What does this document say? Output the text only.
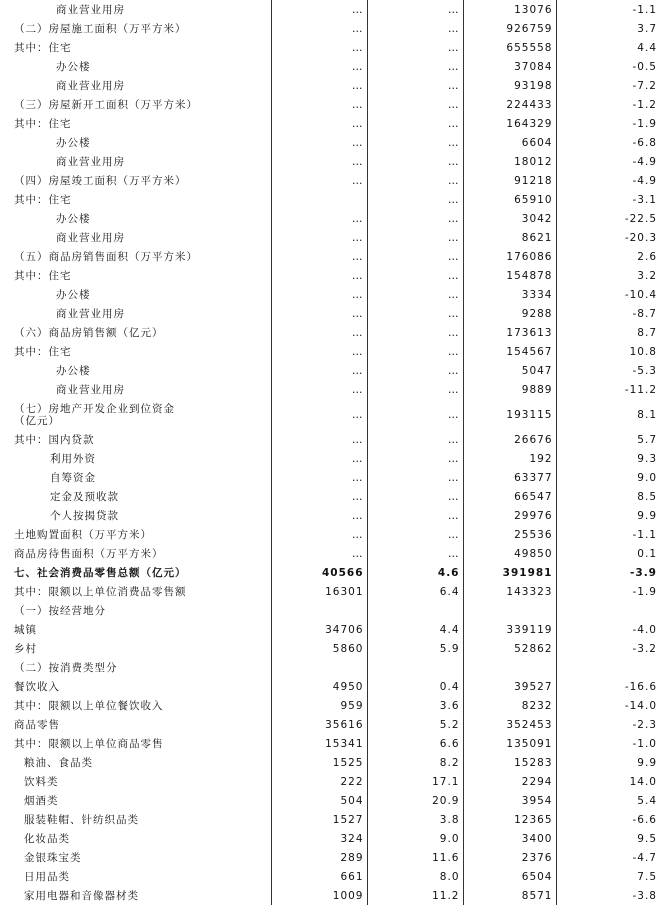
商业营业用房	…	…	13076	-1.1
（二）房屋施工面积（万平方米）	…	…	926759	3.7
其中：住宅	…	…	655558	4.4
办公楼	…	…	37084	-0.5
商业营业用房	…	…	93198	-7.2
（三）房屋新开工面积（万平方米）	…	…	224433	-1.2
其中：住宅	…	…	164329	-1.9
办公楼	…	…	6604	-6.8
商业营业用房	…	…	18012	-4.9
（四）房屋竣工面积（万平方米）	…	…	91218	-4.9
其中：住宅		…	65910	-3.1
办公楼	…	…	3042	-22.5
商业营业用房	…	…	8621	-20.3
（五）商品房销售面积（万平方米）	…	…	176086	2.6
其中：住宅	…	…	154878	3.2
办公楼	…	…	3334	-10.4
商业营业用房	…	…	9288	-8.7
（六）商品房销售额（亿元）	…	…	173613	8.7
其中：住宅	…	…	154567	10.8
办公楼	…	…	5047	-5.3
商业营业用房	…	…	9889	-11.2
（七）房地产开发企业到位资金
（亿元）	…	…	193115	8.1
其中：国内贷款	…	…	26676	5.7
利用外资	…	…	192	9.3
自筹资金	…	…	63377	9.0
定金及预收款	…	…	66547	8.5
个人按揭贷款	…	…	29976	9.9
土地购置面积（万平方米）	…	…	25536	-1.1
商品房待售面积（万平方米）	…	…	49850	0.1
七、社会消费品零售总额（亿元）	40566	4.6	391981	-3.9
其中：限额以上单位消费品零售额	16301	6.4	143323	-1.9
（一）按经营地分				
城镇	34706	4.4	339119	-4.0
乡村	5860	5.9	52862	-3.2
（二）按消费类型分				
餐饮收入	4950	0.4	39527	-16.6
其中：限额以上单位餐饮收入	959	3.6	8232	-14.0
商品零售	35616	5.2	352453	-2.3
其中：限额以上单位商品零售	15341	6.6	135091	-1.0
粮油、食品类	1525	8.2	15283	9.9
饮料类	222	17.1	2294	14.0
烟酒类	504	20.9	3954	5.4
服装鞋帽、针纺织品类	1527	3.8	12365	-6.6
化妆品类	324	9.0	3400	9.5
金银珠宝类	289	11.6	2376	-4.7
日用品类	661	8.0	6504	7.5
家用电器和音像器材类	1009	11.2	8571	-3.8
